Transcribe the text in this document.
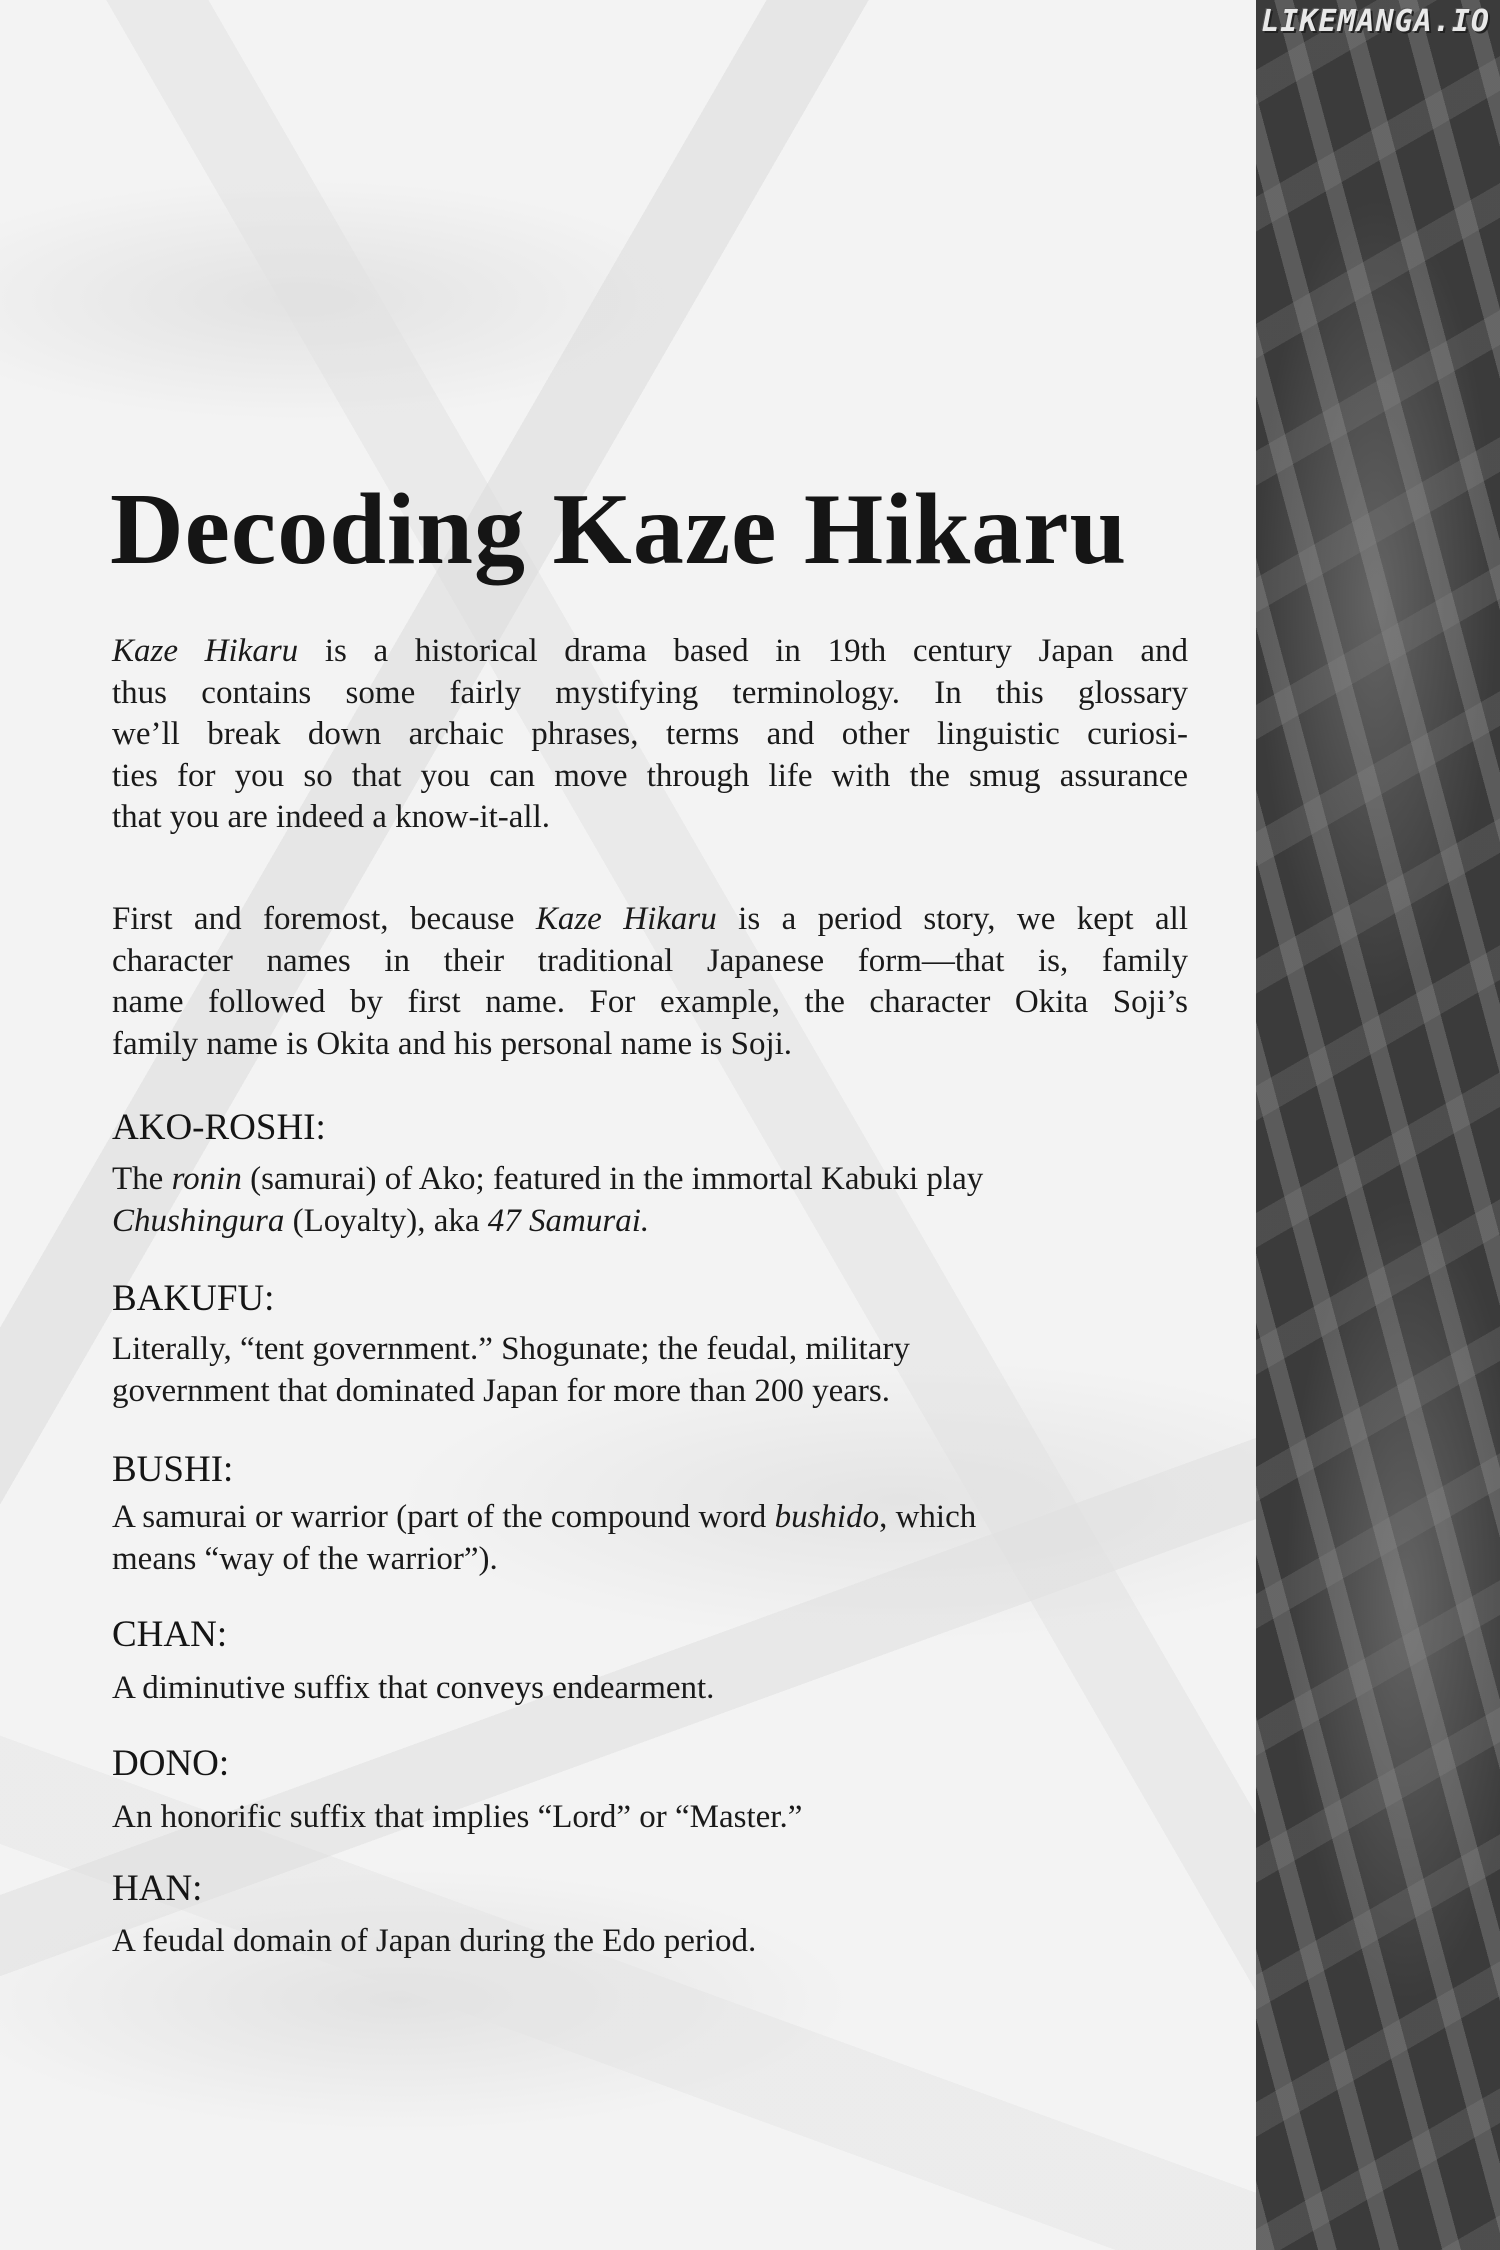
LIKEMANGA.IO
Decoding Kaze Hikaru
Kaze Hikaru is a historical drama based in 19th century Japan and
thus contains some fairly mystifying terminology. In this glossary
we’ll break down archaic phrases, terms and other linguistic curiosi-
ties for you so that you can move through life with the smug assurance
that you are indeed a know-it-all.
First and foremost, because Kaze Hikaru is a period story, we kept all
character names in their traditional Japanese form—that is, family
name followed by first name. For example, the character Okita Soji’s
family name is Okita and his personal name is Soji.
AKO-ROSHI:
The ronin (samurai) of Ako; featured in the immortal Kabuki play
Chushingura (Loyalty), aka 47 Samurai.
BAKUFU:
Literally, “tent government.” Shogunate; the feudal, military
government that dominated Japan for more than 200 years.
BUSHI:
A samurai or warrior (part of the compound word bushido, which
means “way of the warrior”).
CHAN:
A diminutive suffix that conveys endearment.
DONO:
An honorific suffix that implies “Lord” or “Master.”
HAN:
A feudal domain of Japan during the Edo period.
